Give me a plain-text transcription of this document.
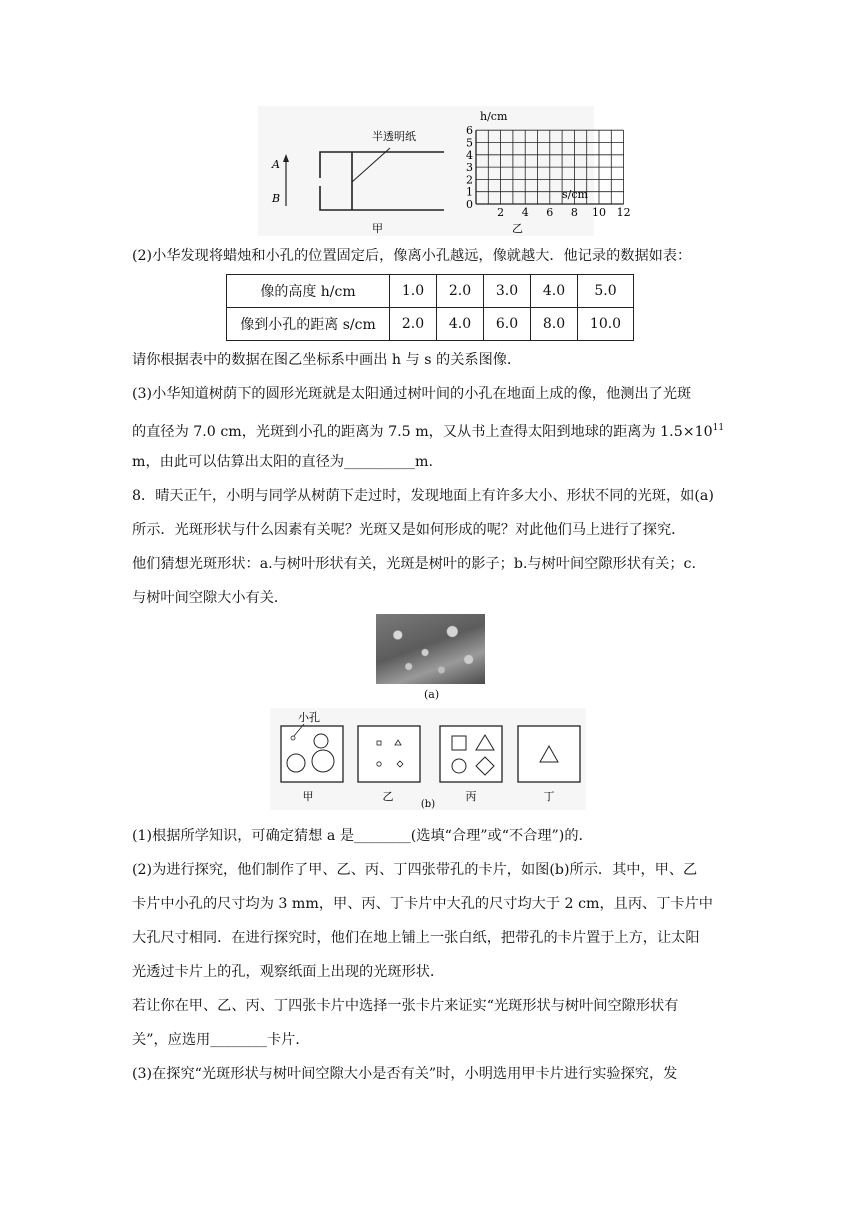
A
B
半透明纸
甲
h/cm
s/cm
0
1
2
3
4
5
6
2 4 6 8 10 12
乙
(2)小华发现将蜡烛和小孔的位置固定后，像离小孔越远，像就越大．他记录的数据如表：
像的高度 h/cm	1.0	2.0	3.0	4.0	5.0
像到小孔的距离 s/cm	2.0	4.0	6.0	8.0	10.0
请你根据表中的数据在图乙坐标系中画出 h 与 s 的关系图像．
(3)小华知道树荫下的圆形光斑就是太阳通过树叶间的小孔在地面上成的像，他测出了光斑
的直径为 7.0 cm，光斑到小孔的距离为 7.5 m，又从书上查得太阳到地球的距离为 $1.5\times 10^{11}$
m，由此可以估算出太阳的直径为__________m.
8．晴天正午，小明与同学从树荫下走过时，发现地面上有许多大小、形状不同的光斑，如(a)
所示．光斑形状与什么因素有关呢？光斑又是如何形成的呢？对此他们马上进行了探究．
他们猜想光斑形状：a.与树叶形状有关，光斑是树叶的影子；b.与树叶间空隙形状有关；c.
与树叶间空隙大小有关．
(a)
小孔
甲	乙	丙	丁
(b)
(1)根据所学知识，可确定猜想 a 是________(选填“合理”或“不合理”)的．
(2)为进行探究，他们制作了甲、乙、丙、丁四张带孔的卡片，如图(b)所示．其中，甲、乙
卡片中小孔的尺寸均为 3 mm，甲、丙、丁卡片中大孔的尺寸均大于 2 cm，且丙、丁卡片中
大孔尺寸相同．在进行探究时，他们在地上铺上一张白纸，把带孔的卡片置于上方，让太阳
光透过卡片上的孔，观察纸面上出现的光斑形状．
若让你在甲、乙、丙、丁四张卡片中选择一张卡片来证实“光斑形状与树叶间空隙形状有
关”，应选用________卡片．
(3)在探究“光斑形状与树叶间空隙大小是否有关”时，小明选用甲卡片进行实验探究，发
